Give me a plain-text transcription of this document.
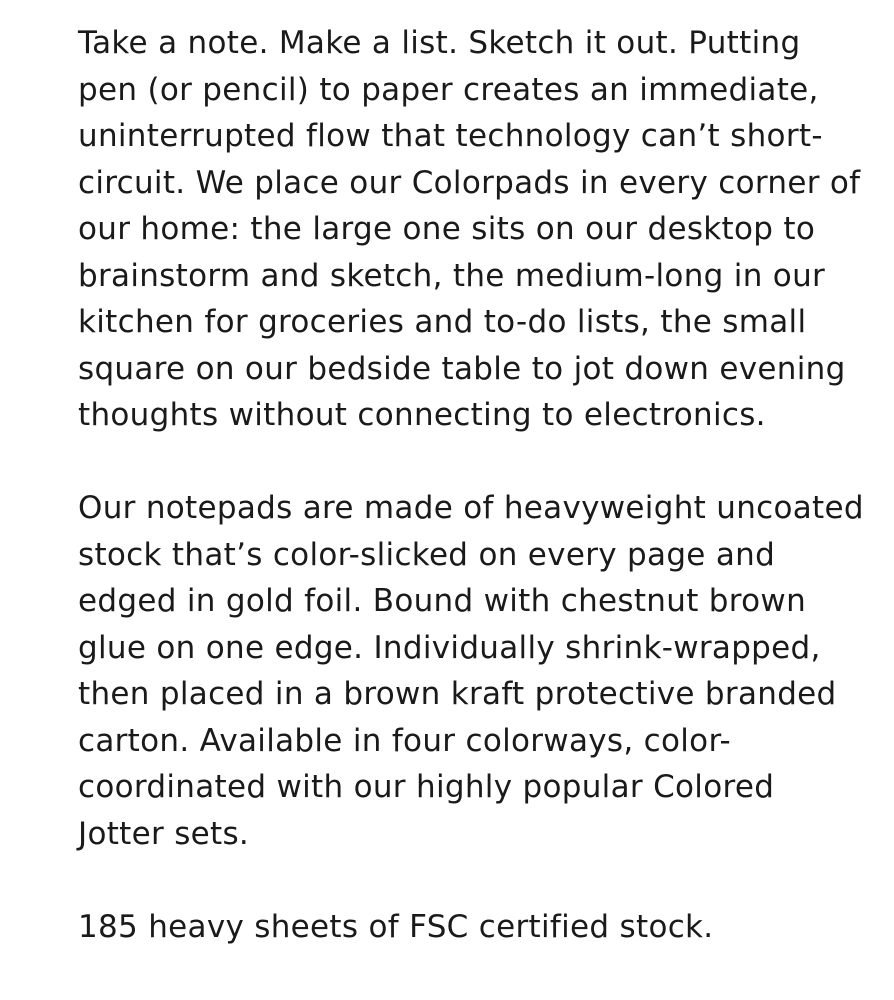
Take a note. Make a list. Sketch it out. Putting
pen (or pencil) to paper creates an immediate,
uninterrupted flow that technology can’t short-
circuit. We place our Colorpads in every corner of
our home: the large one sits on our desktop to
brainstorm and sketch, the medium-long in our
kitchen for groceries and to-do lists, the small
square on our bedside table to jot down evening
thoughts without connecting to electronics.

Our notepads are made of heavyweight uncoated
stock that’s color-slicked on every page and
edged in gold foil. Bound with chestnut brown
glue on one edge. Individually shrink-wrapped,
then placed in a brown kraft protective branded
carton. Available in four colorways, color-
coordinated with our highly popular Colored
Jotter sets.

185 heavy sheets of FSC certified stock.
